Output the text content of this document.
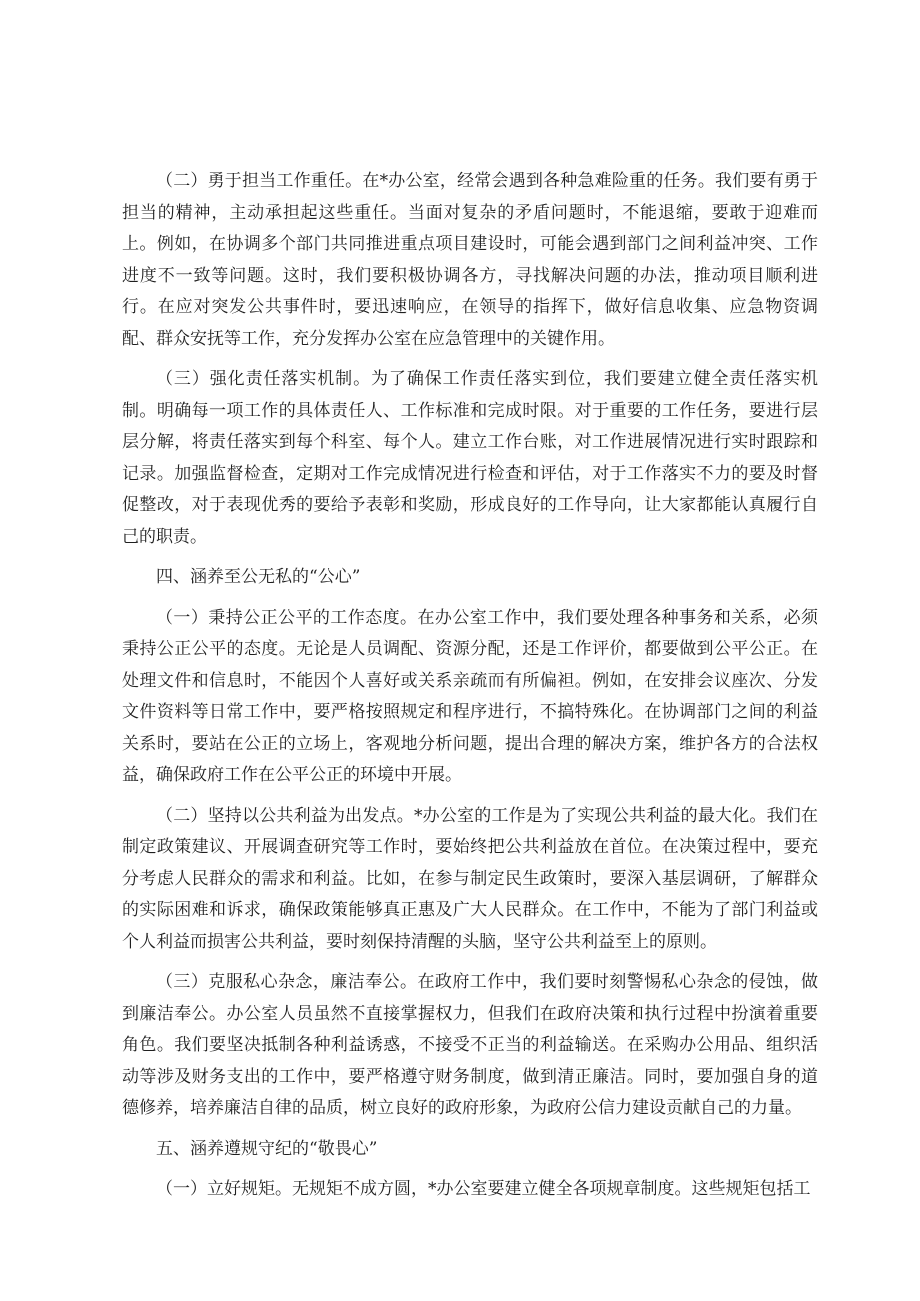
（二）勇于担当工作重任。在*办公室，经常会遇到各种急难险重的任务。我们要有勇于担当的精神，主动承担起这些重任。当面对复杂的矛盾问题时，不能退缩，要敢于迎难而上。例如，在协调多个部门共同推进重点项目建设时，可能会遇到部门之间利益冲突、工作进度不一致等问题。这时，我们要积极协调各方，寻找解决问题的办法，推动项目顺利进行。在应对突发公共事件时，要迅速响应，在领导的指挥下，做好信息收集、应急物资调配、群众安抚等工作，充分发挥办公室在应急管理中的关键作用。

（三）强化责任落实机制。为了确保工作责任落实到位，我们要建立健全责任落实机制。明确每一项工作的具体责任人、工作标准和完成时限。对于重要的工作任务，要进行层层分解，将责任落实到每个科室、每个人。建立工作台账，对工作进展情况进行实时跟踪和记录。加强监督检查，定期对工作完成情况进行检查和评估，对于工作落实不力的要及时督促整改，对于表现优秀的要给予表彰和奖励，形成良好的工作导向，让大家都能认真履行自己的职责。

四、涵养至公无私的“公心”

（一）秉持公正公平的工作态度。在办公室工作中，我们要处理各种事务和关系，必须秉持公正公平的态度。无论是人员调配、资源分配，还是工作评价，都要做到公平公正。在处理文件和信息时，不能因个人喜好或关系亲疏而有所偏袒。例如，在安排会议座次、分发文件资料等日常工作中，要严格按照规定和程序进行，不搞特殊化。在协调部门之间的利益关系时，要站在公正的立场上，客观地分析问题，提出合理的解决方案，维护各方的合法权益，确保政府工作在公平公正的环境中开展。

（二）坚持以公共利益为出发点。*办公室的工作是为了实现公共利益的最大化。我们在制定政策建议、开展调查研究等工作时，要始终把公共利益放在首位。在决策过程中，要充分考虑人民群众的需求和利益。比如，在参与制定民生政策时，要深入基层调研，了解群众的实际困难和诉求，确保政策能够真正惠及广大人民群众。在工作中，不能为了部门利益或个人利益而损害公共利益，要时刻保持清醒的头脑，坚守公共利益至上的原则。

（三）克服私心杂念，廉洁奉公。在政府工作中，我们要时刻警惕私心杂念的侵蚀，做到廉洁奉公。办公室人员虽然不直接掌握权力，但我们在政府决策和执行过程中扮演着重要角色。我们要坚决抵制各种利益诱惑，不接受不正当的利益输送。在采购办公用品、组织活动等涉及财务支出的工作中，要严格遵守财务制度，做到清正廉洁。同时，要加强自身的道德修养，培养廉洁自律的品质，树立良好的政府形象，为政府公信力建设贡献自己的力量。

五、涵养遵规守纪的“敬畏心”

（一）立好规矩。无规矩不成方圆，*办公室要建立健全各项规章制度。这些规矩包括工
